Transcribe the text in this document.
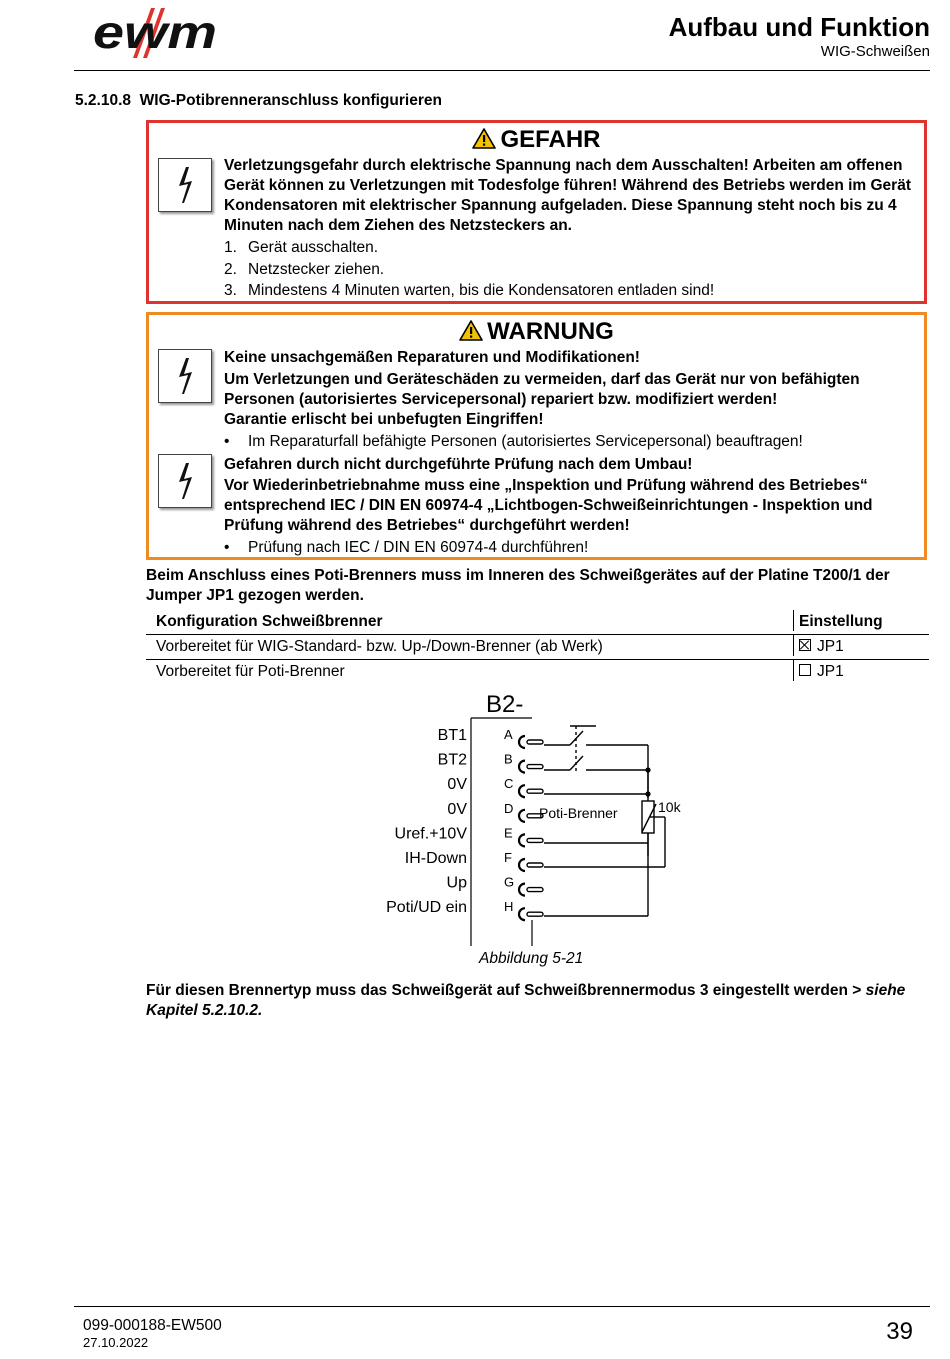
ewm	Aufbau und Funktion
WIG-Schweißen
5.2.10.8 WIG-Potibrenneranschluss konfigurieren
GEFAHR
Verletzungsgefahr durch elektrische Spannung nach dem Ausschalten! Arbeiten am offenen Gerät können zu Verletzungen mit Todesfolge führen! Während des Betriebs werden im Gerät Kondensatoren mit elektrischer Spannung aufgeladen. Diese Spannung steht noch bis zu 4 Minuten nach dem Ziehen des Netzsteckers an.
1. Gerät ausschalten.
2. Netzstecker ziehen.
3. Mindestens 4 Minuten warten, bis die Kondensatoren entladen sind!
WARNUNG
Keine unsachgemäßen Reparaturen und Modifikationen!
Um Verletzungen und Geräteschäden zu vermeiden, darf das Gerät nur von befähigten Personen (autorisiertes Servicepersonal) repariert bzw. modifiziert werden!
Garantie erlischt bei unbefugten Eingriffen!
• Im Reparaturfall befähigte Personen (autorisiertes Servicepersonal) beauftragen!
Gefahren durch nicht durchgeführte Prüfung nach dem Umbau!
Vor Wiederinbetriebnahme muss eine „Inspektion und Prüfung während des Betriebes“ entsprechend IEC / DIN EN 60974-4 „Lichtbogen-Schweißeinrichtungen - Inspektion und Prüfung während des Betriebes“ durchgeführt werden!
• Prüfung nach IEC / DIN EN 60974-4 durchführen!
Beim Anschluss eines Poti-Brenners muss im Inneren des Schweißgerätes auf der Platine T200/1 der Jumper JP1 gezogen werden.
Konfiguration Schweißbrenner	Einstellung
Vorbereitet für WIG-Standard- bzw. Up-/Down-Brenner (ab Werk)	JP1
Vorbereitet für Poti-Brenner	JP1
B2-
BT1	A
BT2	B
0V	C
0V	D
Uref.+10V	E
IH-Down	F
Up	G
Poti/UD ein	H
Poti-Brenner	10k
Abbildung 5-21
Für diesen Brennertyp muss das Schweißgerät auf Schweißbrennermodus 3 eingestellt werden > siehe Kapitel 5.2.10.2.
099-000188-EW500
27.10.2022	39
